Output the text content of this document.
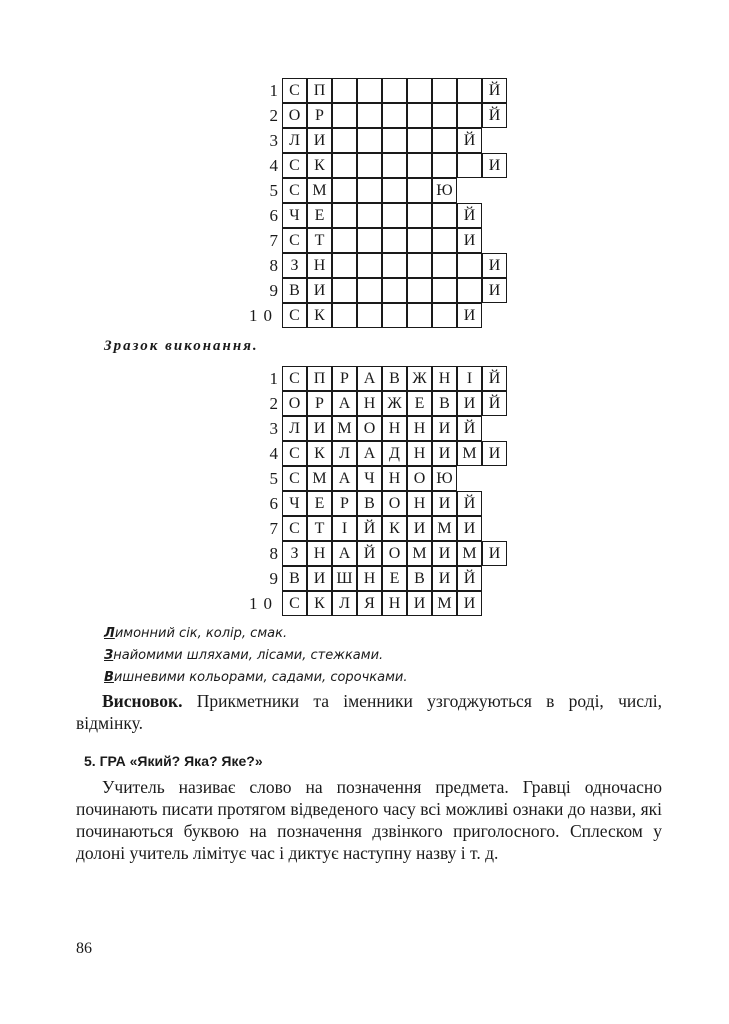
1 С П	Й
2 О Р	Й
3 Л И	Й
4 С К	И
5 С М	Ю
6 Ч Е	Й
7 С Т	И
8 З Н	И
9 В И	И
10 С К	И
Зразок виконання.
1 С П Р А В Ж Н	І	Й
2 О Р А Н Ж Е В И Й
3 Л И М О Н Н И Й
4 С К Л А Д Н И М И
5 С М А Ч Н О Ю
6 Ч Е Р В О Н И Й
7 С Т	І	Й К И М И
8 З Н А Й О М И М И
9 В И Ш Н Е В И Й
10 С К Л Я Н И М И
Лимонний сік, колір, смак.
Знайомими шляхами, лісами, стежками.
Вишневими кольорами, садами, сорочками.
Висновок. Прикметники та іменники узгоджуються в роді, числі, відмінку.
5. ГРА «Який? Яка? Яке?»
Учитель називає слово на позначення предмета. Гравці одночасно починають писати протягом відведеного часу всі можливі ознаки до назви, які починаються буквою на позначення дзвінкого приголосного. Сплеском у долоні учитель лімітує час і диктує наступну назву і т. д.
86
